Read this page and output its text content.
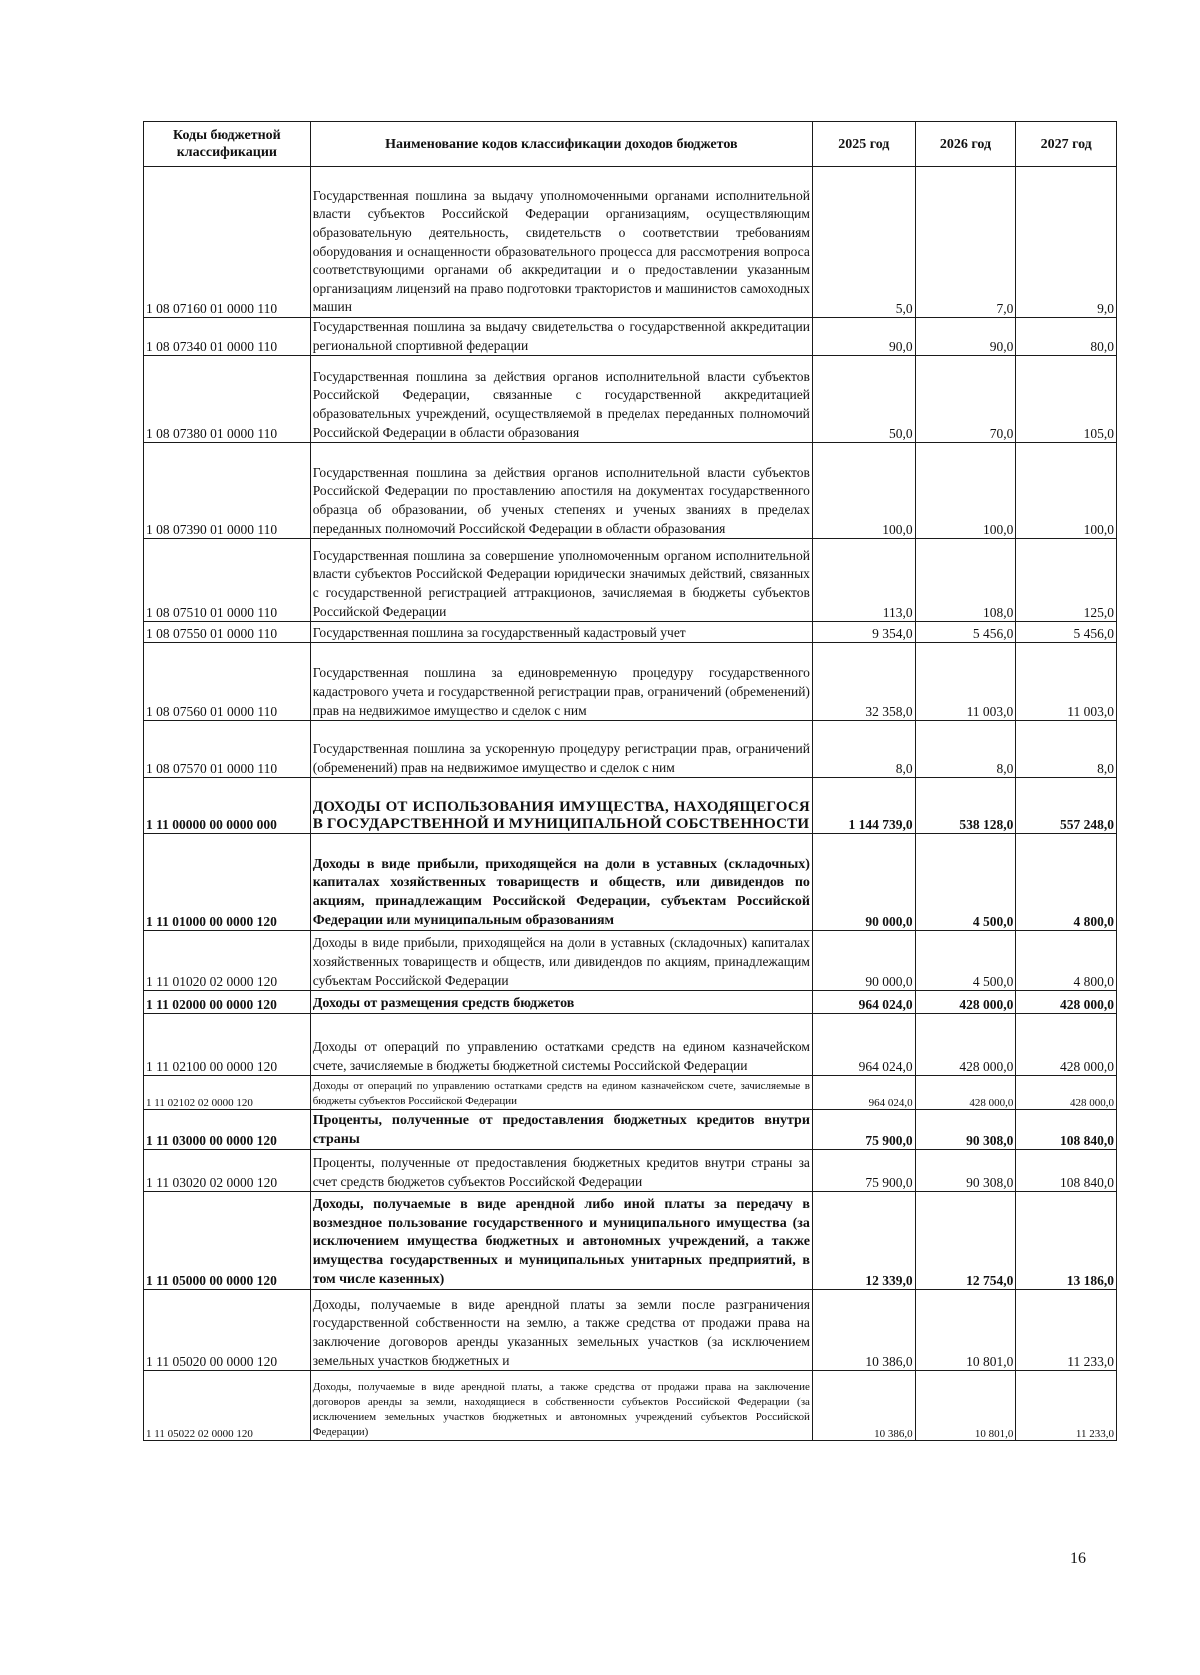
Коды бюджетной классификации	Наименование кодов классификации доходов бюджетов	2025 год	2026 год	2027 год
1 08 07160 01 0000 110	Государственная пошлина за выдачу уполномоченными органами исполнительной власти субъектов Российской Федерации организациям, осуществляющим образовательную деятельность, свидетельств о соответствии требованиям оборудования и оснащенности образовательного процесса для рассмотрения вопроса соответствующими органами об аккредитации и о предоставлении указанным организациям лицензий на право подготовки трактористов и машинистов самоходных машин	5,0	7,0	9,0
1 08 07340 01 0000 110	Государственная пошлина за выдачу свидетельства о государственной аккредитации региональной спортивной федерации	90,0	90,0	80,0
1 08 07380 01 0000 110	Государственная пошлина за действия органов исполнительной власти субъектов Российской Федерации, связанные с государственной аккредитацией образовательных учреждений, осуществляемой в пределах переданных полномочий Российской Федерации в области образования	50,0	70,0	105,0
1 08 07390 01 0000 110	Государственная пошлина за действия органов исполнительной власти субъектов Российской Федерации по проставлению апостиля на документах государственного образца об образовании, об ученых степенях и ученых званиях в пределах переданных полномочий Российской Федерации в области образования	100,0	100,0	100,0
1 08 07510 01 0000 110	Государственная пошлина за совершение уполномоченным органом исполнительной власти субъектов Российской Федерации юридически значимых действий, связанных с государственной регистрацией аттракционов, зачисляемая в бюджеты субъектов Российской Федерации	113,0	108,0	125,0
1 08 07550 01 0000 110	Государственная пошлина за государственный кадастровый учет	9 354,0	5 456,0	5 456,0
1 08 07560 01 0000 110	Государственная пошлина за единовременную процедуру государственного кадастрового учета и государственной регистрации прав, ограничений (обременений) прав на недвижимое имущество и сделок с ним	32 358,0	11 003,0	11 003,0
1 08 07570 01 0000 110	Государственная пошлина за ускоренную процедуру регистрации прав, ограничений (обременений) прав на недвижимое имущество и сделок с ним	8,0	8,0	8,0
1 11 00000 00 0000 000	ДОХОДЫ ОТ ИСПОЛЬЗОВАНИЯ ИМУЩЕСТВА, НАХОДЯЩЕГОСЯ В ГОСУДАРСТВЕННОЙ И МУНИЦИПАЛЬНОЙ СОБСТВЕННОСТИ	1 144 739,0	538 128,0	557 248,0
1 11 01000 00 0000 120	Доходы в виде прибыли, приходящейся на доли в уставных (складочных) капиталах хозяйственных товариществ и обществ, или дивидендов по акциям, принадлежащим Российской Федерации, субъектам Российской Федерации или муниципальным образованиям	90 000,0	4 500,0	4 800,0
1 11 01020 02 0000 120	Доходы в виде прибыли, приходящейся на доли в уставных (складочных) капиталах хозяйственных товариществ и обществ, или дивидендов по акциям, принадлежащим субъектам Российской Федерации	90 000,0	4 500,0	4 800,0
1 11 02000 00 0000 120	Доходы от размещения средств бюджетов	964 024,0	428 000,0	428 000,0
1 11 02100 00 0000 120	Доходы от операций по управлению остатками средств на едином казначейском счете, зачисляемые в бюджеты бюджетной системы Российской Федерации	964 024,0	428 000,0	428 000,0
1 11 02102 02 0000 120	Доходы от операций по управлению остатками средств на едином казначейском счете, зачисляемые в бюджеты субъектов Российской Федерации	964 024,0	428 000,0	428 000,0
1 11 03000 00 0000 120	Проценты, полученные от предоставления бюджетных кредитов внутри страны	75 900,0	90 308,0	108 840,0
1 11 03020 02 0000 120	Проценты, полученные от предоставления бюджетных кредитов внутри страны за счет средств бюджетов субъектов Российской Федерации	75 900,0	90 308,0	108 840,0
1 11 05000 00 0000 120	Доходы, получаемые в виде арендной либо иной платы за передачу в возмездное пользование государственного и муниципального имущества (за исключением имущества бюджетных и автономных учреждений, а также имущества государственных и муниципальных унитарных предприятий, в том числе казенных)	12 339,0	12 754,0	13 186,0
1 11 05020 00 0000 120	Доходы, получаемые в виде арендной платы за земли после разграничения государственной собственности на землю, а также средства от продажи права на заключение договоров аренды указанных земельных участков (за исключением земельных участков бюджетных и	10 386,0	10 801,0	11 233,0
1 11 05022 02 0000 120	Доходы, получаемые в виде арендной платы, а также средства от продажи права на заключение договоров аренды за земли, находящиеся в собственности субъектов Российской Федерации (за исключением земельных участков бюджетных и автономных учреждений субъектов Российской Федерации)	10 386,0	10 801,0	11 233,0
16
